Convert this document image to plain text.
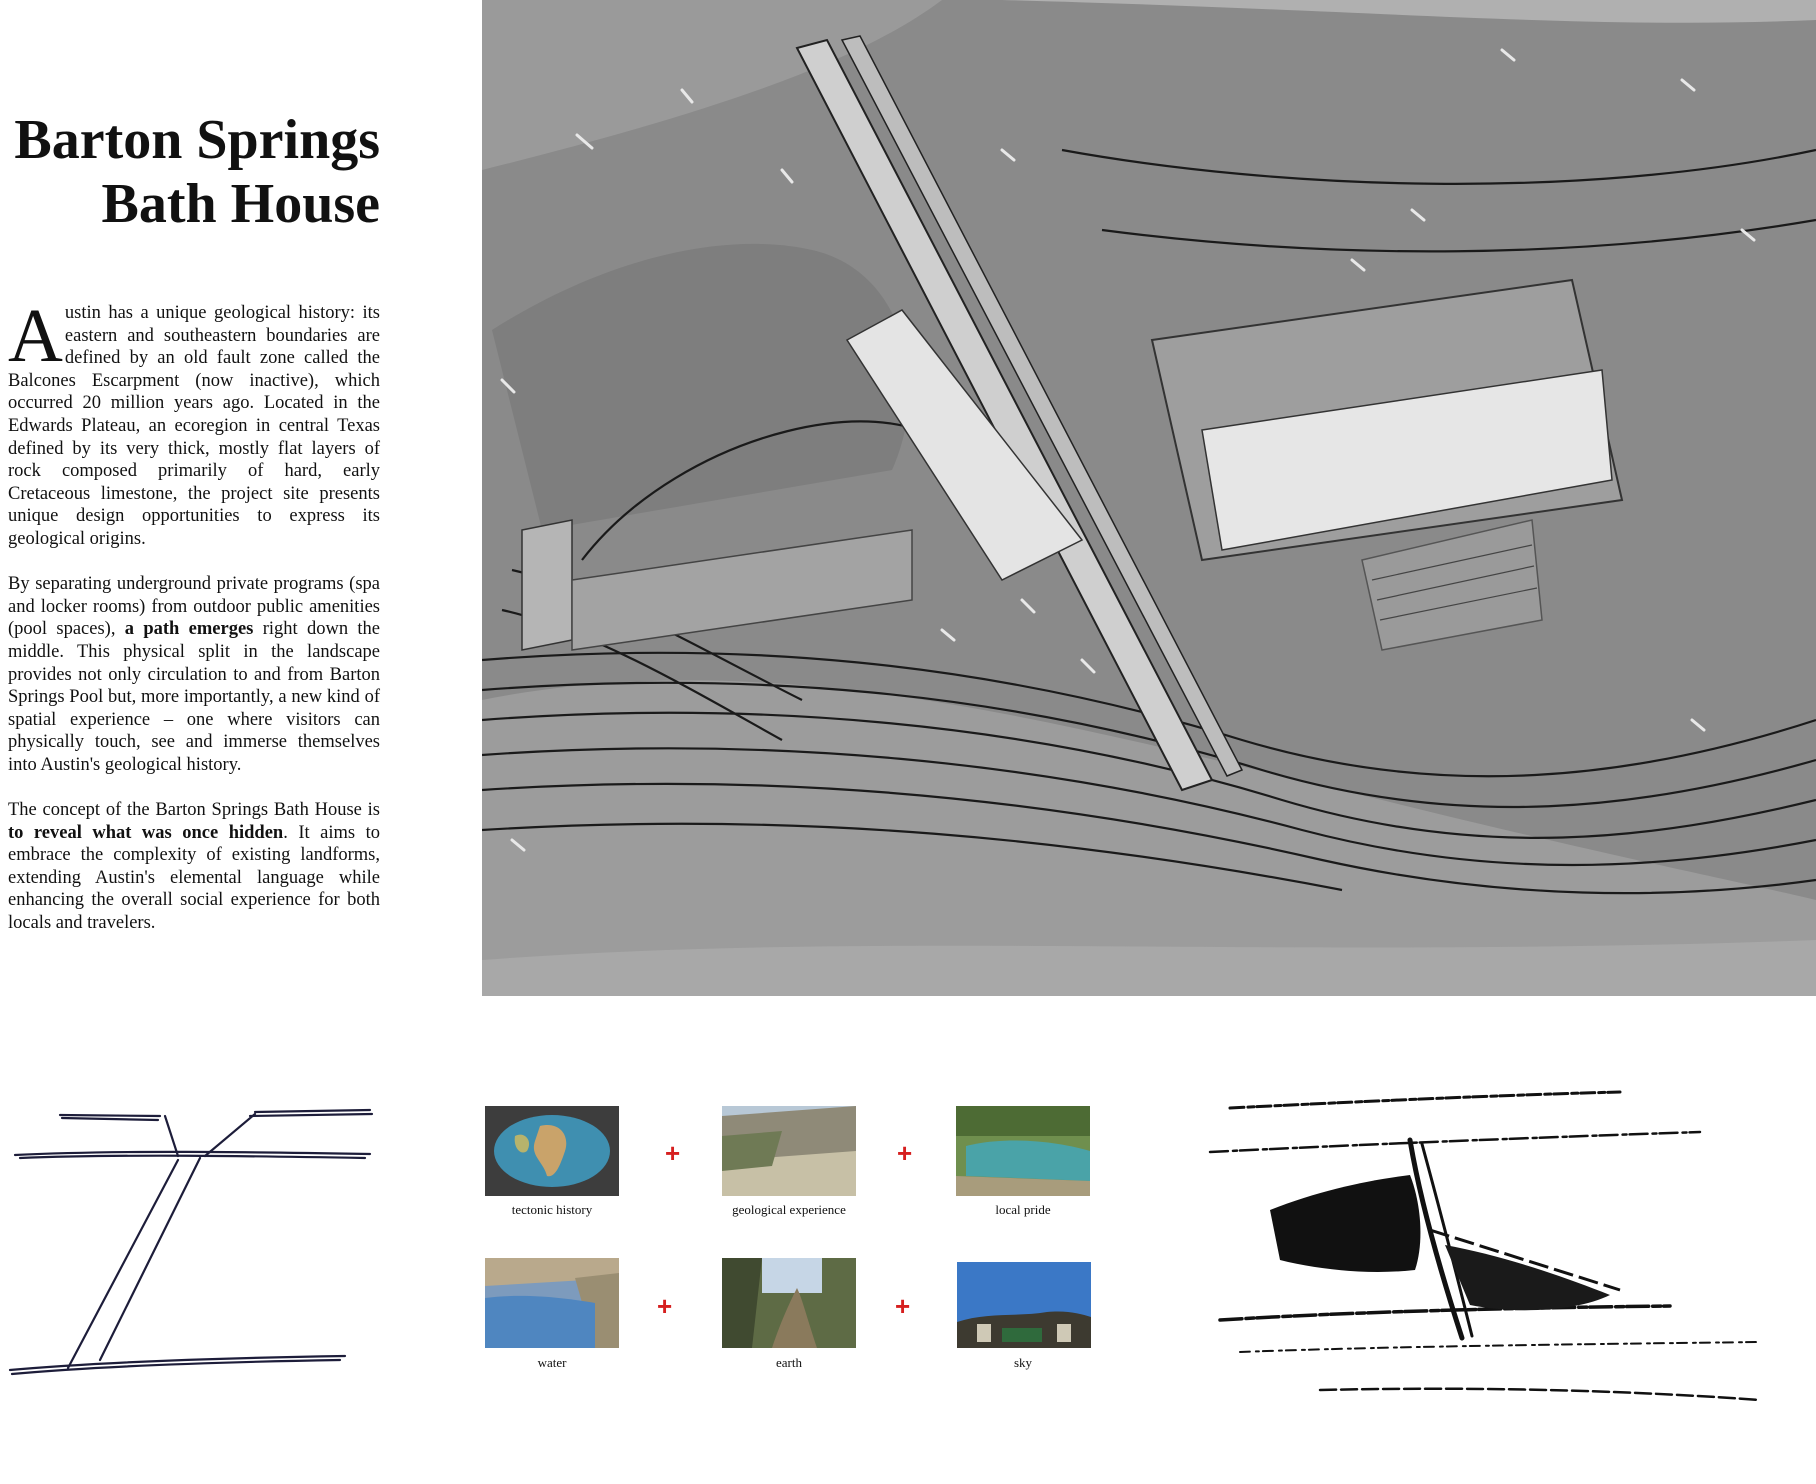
Barton Springs
Bath House

Austin has a unique geological history: its eastern and southeastern boundaries are defined by an old fault zone called the Balcones Escarpment (now inactive), which occurred 20 million years ago. Located in the Edwards Plateau, an ecoregion in central Texas defined by its very thick, mostly flat layers of rock composed primarily of hard, early Cretaceous limestone, the project site presents unique design opportunities to express its geological origins.

By separating underground private programs (spa and locker rooms) from outdoor public amenities (pool spaces), a path emerges right down the middle. This physical split in the landscape provides not only circulation to and from Barton Springs Pool but, more importantly, a new kind of spatial experience – one where visitors can physically touch, see and immerse themselves into Austin's geological history.

The concept of the Barton Springs Bath House is to reveal what was once hidden. It aims to embrace the complexity of existing landforms, extending Austin's elemental language while enhancing the overall social experience for both locals and travelers.

tectonic history
+
geological experience
+
local pride
water
+
earth
+
sky
